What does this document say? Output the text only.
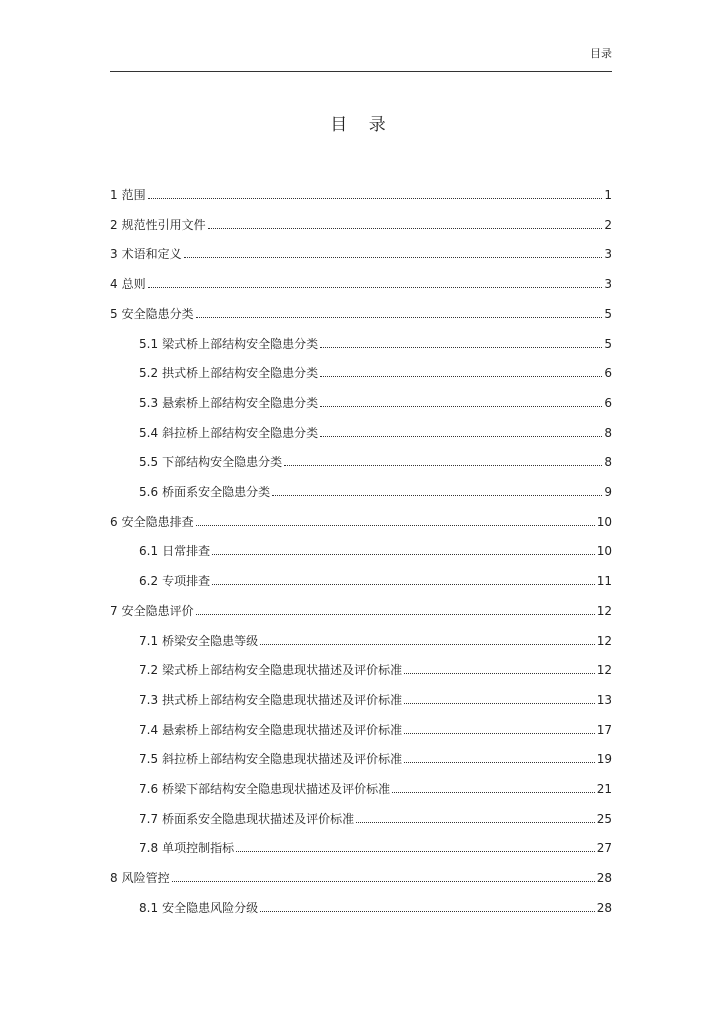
目录
目 录
1 范围	1
2 规范性引用文件	2
3 术语和定义	3
4 总则	3
5 安全隐患分类	5
5.1 梁式桥上部结构安全隐患分类	5
5.2 拱式桥上部结构安全隐患分类	6
5.3 悬索桥上部结构安全隐患分类	6
5.4 斜拉桥上部结构安全隐患分类	8
5.5 下部结构安全隐患分类	8
5.6 桥面系安全隐患分类	9
6 安全隐患排查	10
6.1 日常排查	10
6.2 专项排查	11
7 安全隐患评价	12
7.1 桥梁安全隐患等级	12
7.2 梁式桥上部结构安全隐患现状描述及评价标准	12
7.3 拱式桥上部结构安全隐患现状描述及评价标准	13
7.4 悬索桥上部结构安全隐患现状描述及评价标准	17
7.5 斜拉桥上部结构安全隐患现状描述及评价标准	19
7.6 桥梁下部结构安全隐患现状描述及评价标准	21
7.7 桥面系安全隐患现状描述及评价标准	25
7.8 单项控制指标	27
8 风险管控	28
8.1 安全隐患风险分级	28
